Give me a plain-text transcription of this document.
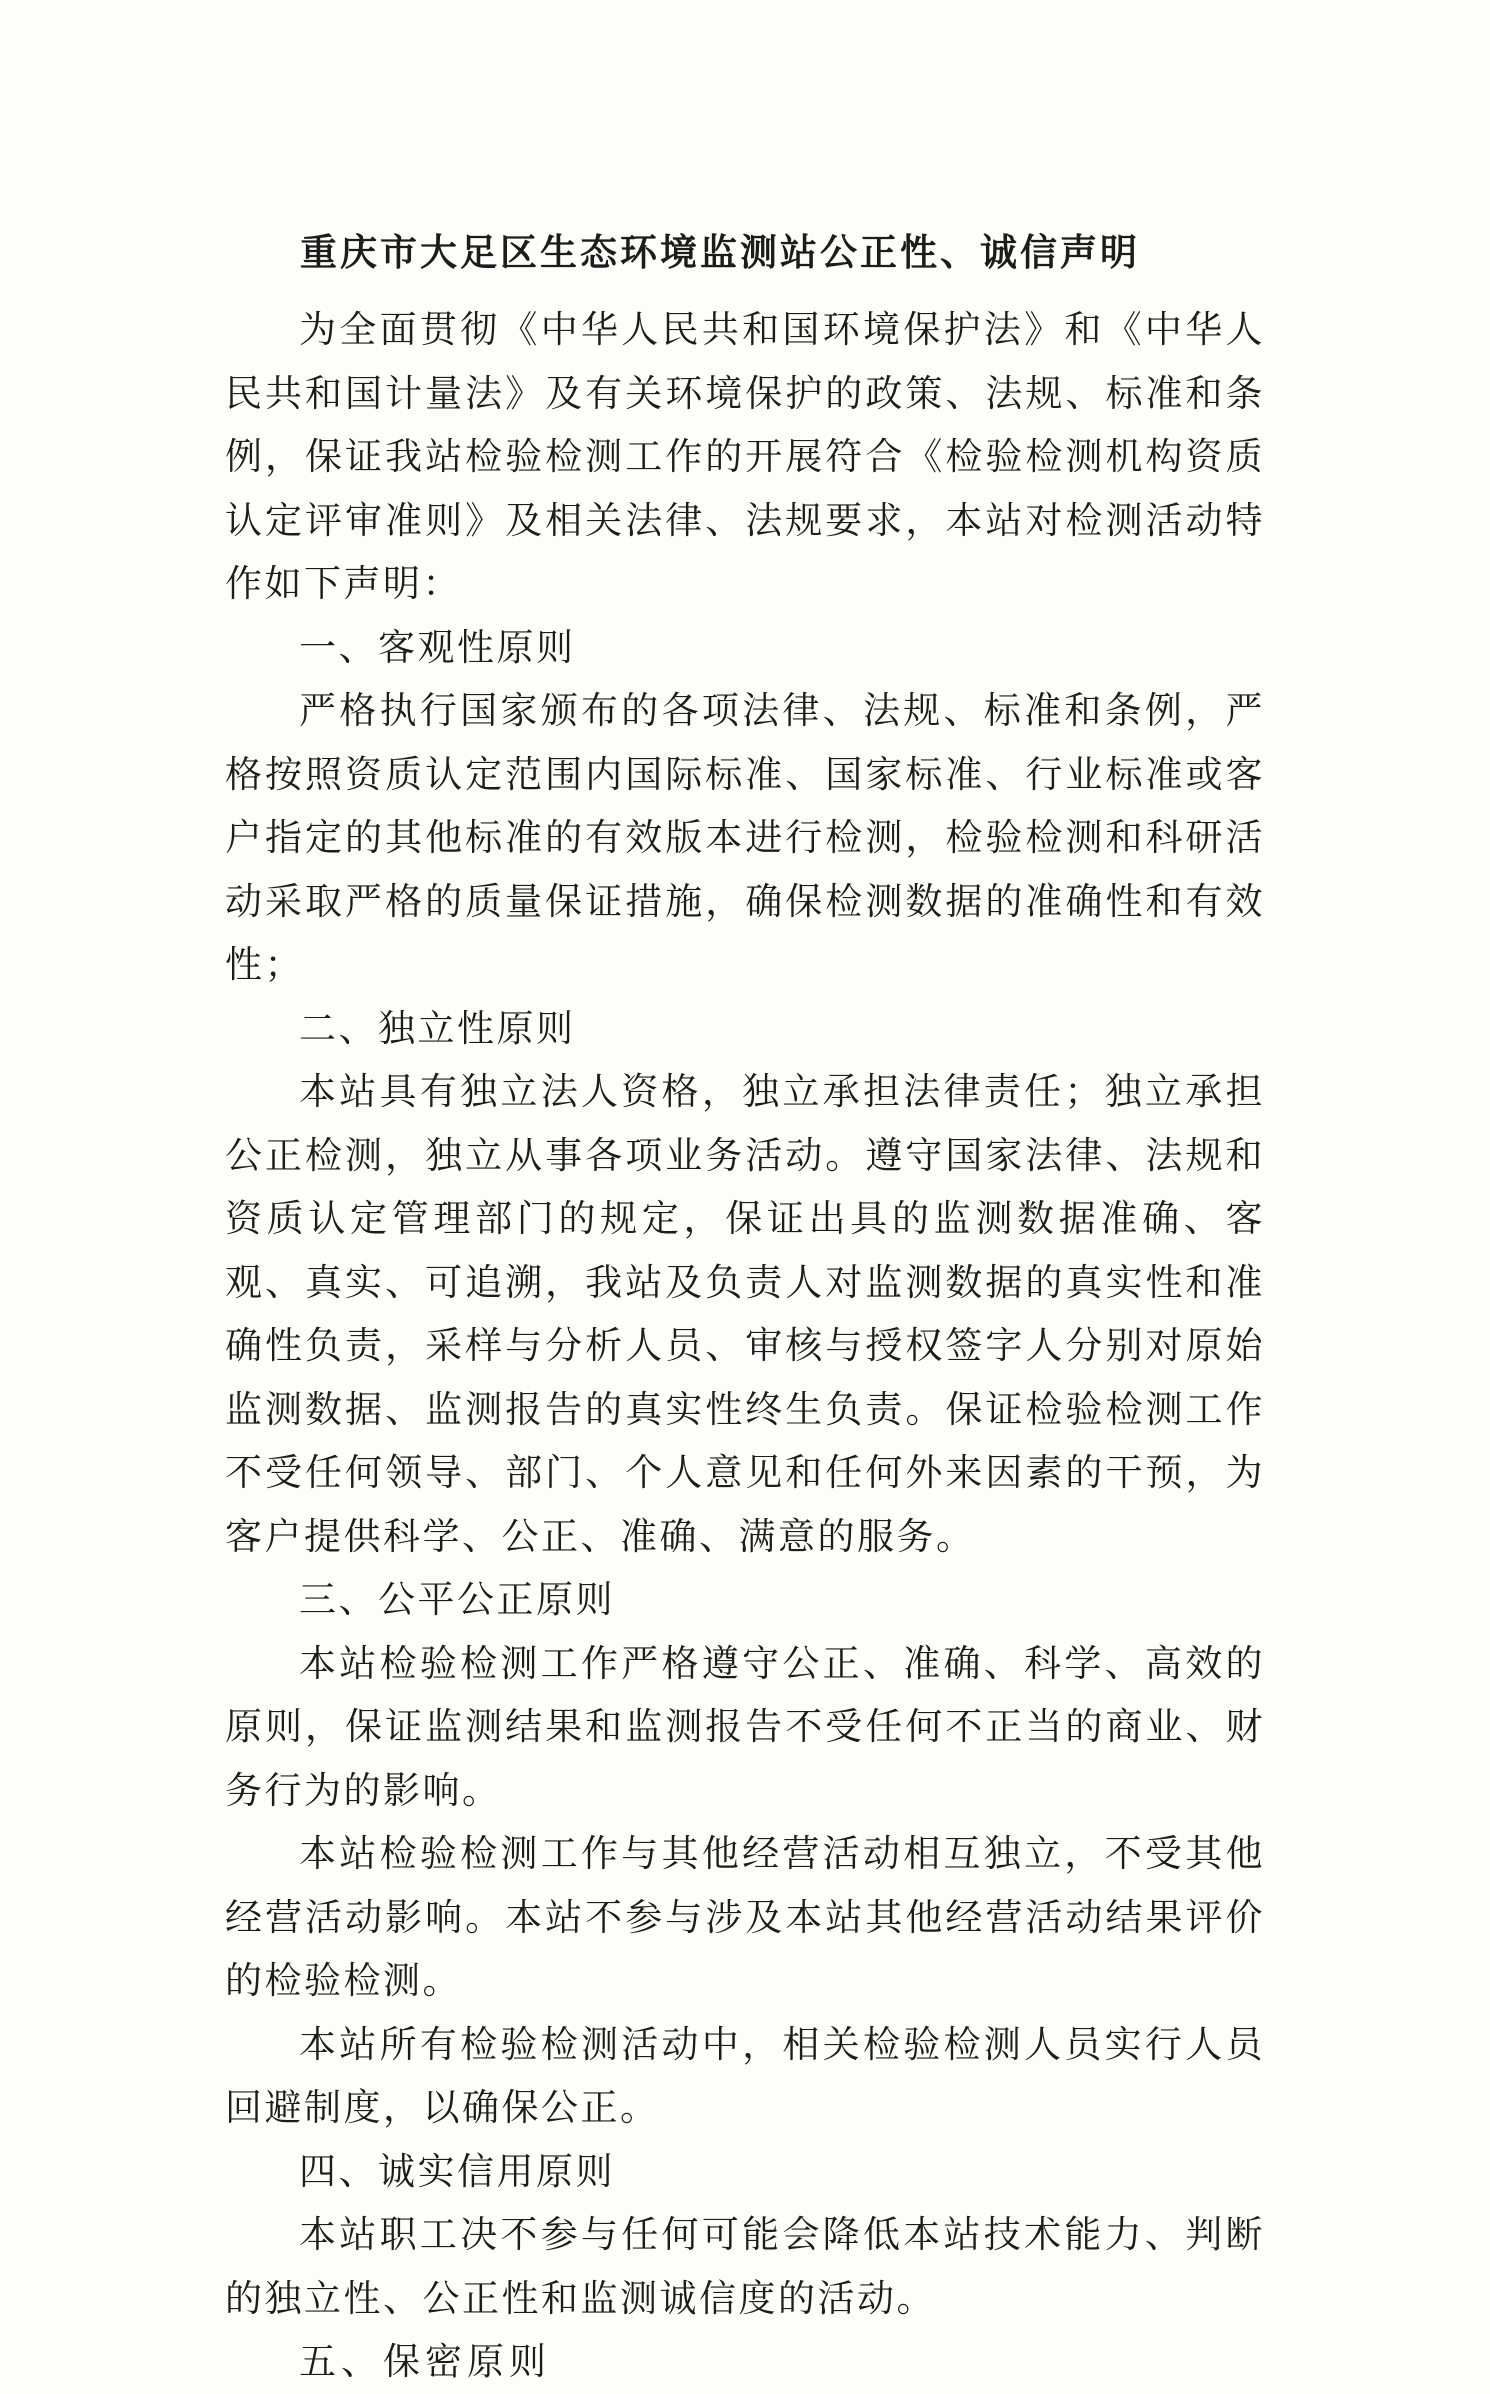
重庆市大足区生态环境监测站公正性、诚信声明

为全面贯彻《中华人民共和国环境保护法》和《中华人民共和国计量法》及有关环境保护的政策、法规、标准和条例，保证我站检验检测工作的开展符合《检验检测机构资质认定评审准则》及相关法律、法规要求，本站对检测活动特作如下声明：

一、客观性原则

严格执行国家颁布的各项法律、法规、标准和条例，严格按照资质认定范围内国际标准、国家标准、行业标准或客户指定的其他标准的有效版本进行检测，检验检测和科研活动采取严格的质量保证措施，确保检测数据的准确性和有效性；

二、独立性原则

本站具有独立法人资格，独立承担法律责任；独立承担公正检测，独立从事各项业务活动。遵守国家法律、法规和资质认定管理部门的规定，保证出具的监测数据准确、客观、真实、可追溯，我站及负责人对监测数据的真实性和准确性负责，采样与分析人员、审核与授权签字人分别对原始监测数据、监测报告的真实性终生负责。保证检验检测工作不受任何领导、部门、个人意见和任何外来因素的干预，为客户提供科学、公正、准确、满意的服务。

三、公平公正原则

本站检验检测工作严格遵守公正、准确、科学、高效的原则，保证监测结果和监测报告不受任何不正当的商业、财务行为的影响。

本站检验检测工作与其他经营活动相互独立，不受其他经营活动影响。本站不参与涉及本站其他经营活动结果评价的检验检测。

本站所有检验检测活动中，相关检验检测人员实行人员回避制度，以确保公正。

四、诚实信用原则

本站职工决不参与任何可能会降低本站技术能力、判断的独立性、公正性和监测诚信度的活动。

五、保密原则
